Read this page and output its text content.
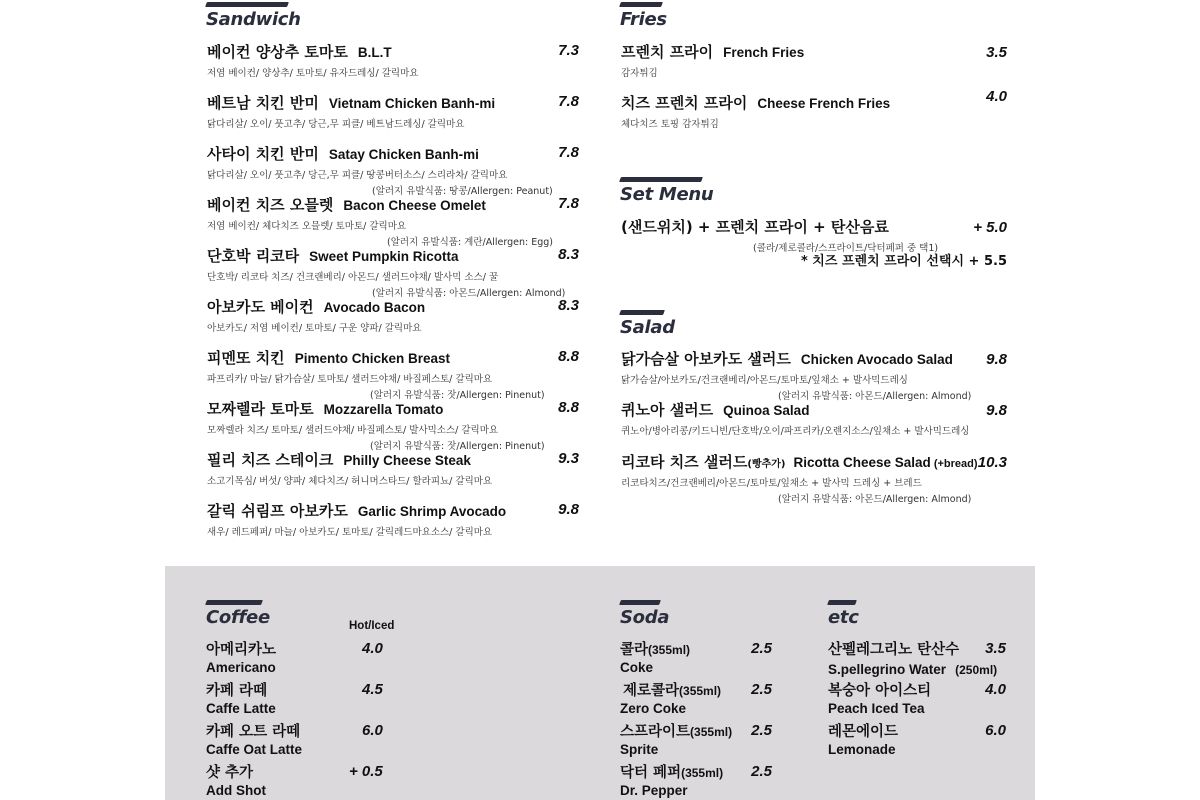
Sandwich
베이컨 양상추 토마토 B.L.T	7.3
저염 베이컨/ 양상추/ 토마토/ 유자드레싱/ 갈릭마요
베트남 치킨 반미 Vietnam Chicken Banh-mi	7.8
닭다리살/ 오이/ 풋고추/ 당근,무 피클/ 베트남드레싱/ 갈릭마요
사타이 치킨 반미 Satay Chicken Banh-mi	7.8
닭다리살/ 오이/ 풋고추/ 당근,무 피클/ 땅콩버터소스/ 스리라차/ 갈릭마요
(알러지 유발식품: 땅콩/Allergen: Peanut)
베이컨 치즈 오믈렛 Bacon Cheese Omelet	7.8
저염 베이컨/ 체다치즈 오믈렛/ 토마토/ 갈릭마요
(알러지 유발식품: 계란/Allergen: Egg)
단호박 리코타 Sweet Pumpkin Ricotta	8.3
단호박/ 리코타 치즈/ 건크랜베리/ 아몬드/ 샐러드야채/ 발사믹 소스/ 꿀
(알러지 유발식품: 아몬드/Allergen: Almond)
아보카도 베이컨 Avocado Bacon	8.3
아보카도/ 저염 베이컨/ 토마토/ 구운 양파/ 갈릭마요
피멘또 치킨 Pimento Chicken Breast	8.8
파프리카/ 마늘/ 닭가슴살/ 토마토/ 샐러드야채/ 바질페스토/ 갈릭마요
(알러지 유발식품: 잣/Allergen: Pinenut)
모짜렐라 토마토 Mozzarella Tomato	8.8
모짜렐라 치즈/ 토마토/ 샐러드야채/ 바질페스토/ 발사믹소스/ 갈릭마요
(알러지 유발식품: 잣/Allergen: Pinenut)
필리 치즈 스테이크 Philly Cheese Steak	9.3
소고기목심/ 버섯/ 양파/ 체다치즈/ 허니머스타드/ 할라피뇨/ 갈릭마요
갈릭 쉬림프 아보카도 Garlic Shrimp Avocado	9.8
새우/ 레드페퍼/ 마늘/ 아보카도/ 토마토/ 갈릭레드마요소스/ 갈릭마요
Fries
프렌치 프라이 French Fries	3.5
감자튀김
치즈 프렌치 프라이 Cheese French Fries	4.0
체다치즈 토핑 감자튀김
Set Menu
(샌드위치) + 프렌치 프라이 + 탄산음료	+ 5.0
(콜라/제로콜라/스프라이트/닥터페퍼 중 택1)
* 치즈 프렌치 프라이 선택시 + 5.5
Salad
닭가슴살 아보카도 샐러드 Chicken Avocado Salad 9.8
닭가슴살/아보카도/건크랜베리/아몬드/토마토/잎채소 + 발사믹드레싱
(알러지 유발식품: 아몬드/Allergen: Almond)
퀴노아 샐러드 Quinoa Salad	9.8
퀴노아/병아리콩/키드니빈/단호박/오이/파프리카/오렌지소스/잎채소 + 발사믹드레싱
리코타 치즈 샐러드(빵추가) Ricotta Cheese Salad (+bread) 10.3
리코타치즈/건크랜베리/아몬드/토마토/잎채소 + 발사믹 드레싱 + 브레드
(알러지 유발식품: 아몬드/Allergen: Almond)
Coffee	Hot/Iced
아메리카노
Americano
4.0
카페 라떼
Caffe Latte
4.5
카페 오트 라떼
Caffe Oat Latte
6.0
샷 추가
Add Shot
+ 0.5
Soda
콜라(355ml)
Coke
2.5
제로콜라(355ml)
Zero Coke
2.5
스프라이트(355ml)
Sprite
2.5
닥터 페퍼(355ml)
Dr. Pepper
2.5
etc
산펠레그리노 탄산수
S.pellegrino Water (250ml)
3.5
복숭아 아이스티
Peach Iced Tea
4.0
레몬에이드
Lemonade
6.0
